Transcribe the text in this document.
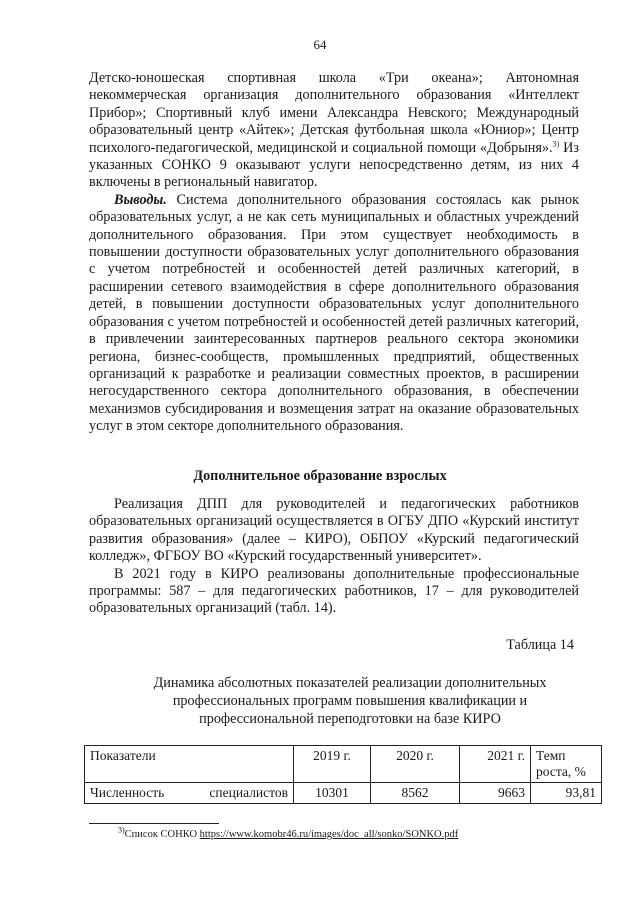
64

Детско-юношеская спортивная школа «Три океана»; Автономная некоммерческая организация дополнительного образования «Интеллект Прибор»; Спортивный клуб имени Александра Невского; Международный образовательный центр «Айтек»; Детская футбольная школа «Юниор»; Центр психолого-педагогической, медицинской и социальной помощи «Добрыня».$^{3)}$ Из указанных СОНКО 9 оказывают услуги непосредственно детям, из них 4 включены в региональный навигатор.

Выводы. Система дополнительного образования состоялась как рынок образовательных услуг, а не как сеть муниципальных и областных учреждений дополнительного образования. При этом существует необходимость в повышении доступности образовательных услуг дополнительного образования с учетом потребностей и особенностей детей различных категорий, в расширении сетевого взаимодействия в сфере дополнительного образования детей, в повышении доступности образовательных услуг дополнительного образования с учетом потребностей и особенностей детей различных категорий, в привлечении заинтересованных партнеров реального сектора экономики региона, бизнес-сообществ, промышленных предприятий, общественных организаций к разработке и реализации совместных проектов, в расширении негосударственного сектора дополнительного образования, в обеспечении механизмов субсидирования и возмещения затрат на оказание образовательных услуг в этом секторе дополнительного образования.

Дополнительное образование взрослых

Реализация ДПП для руководителей и педагогических работников образовательных организаций осуществляется в ОГБУ ДПО «Курский институт развития образования» (далее – КИРО), ОБПОУ «Курский педагогический колледж», ФГБОУ ВО «Курский государственный университет».

В 2021 году в КИРО реализованы дополнительные профессиональные программы: 587 – для педагогических работников, 17 – для руководителей образовательных организаций (табл. 14).

Таблица 14
Динамика абсолютных показателей реализации дополнительных профессиональных программ повышения квалификации и профессиональной переподготовки на базе КИРО
Показатели	2019 г.	2020 г.	2021 г.	Темп роста, %

Численность специалистов	10301	8562	9663	93,81
$^{3)}$Список СОНКО https://www.komobr46.ru/images/doc_all/sonko/SONKO.pdf
